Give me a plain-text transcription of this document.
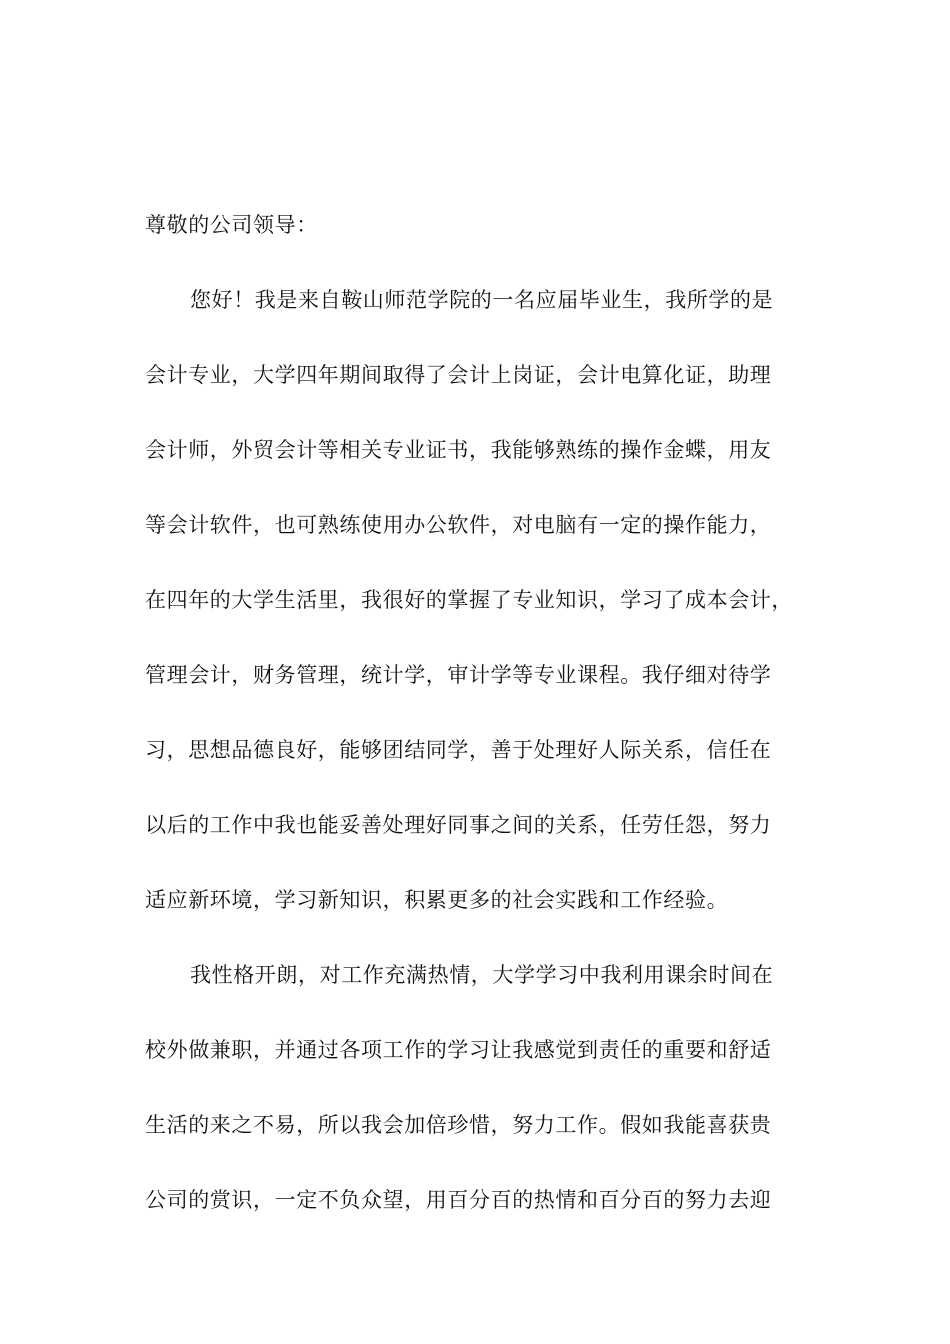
尊敬的公司领导：
您好！我是来自鞍山师范学院的一名应届毕业生，我所学的是
会计专业，大学四年期间取得了会计上岗证，会计电算化证，助理
会计师，外贸会计等相关专业证书，我能够熟练的操作金蝶，用友
等会计软件，也可熟练使用办公软件，对电脑有一定的操作能力，
在四年的大学生活里，我很好的掌握了专业知识，学习了成本会计，
管理会计，财务管理，统计学，审计学等专业课程。我仔细对待学
习，思想品德良好，能够团结同学，善于处理好人际关系，信任在
以后的工作中我也能妥善处理好同事之间的关系，任劳任怨，努力
适应新环境，学习新知识，积累更多的社会实践和工作经验。
我性格开朗，对工作充满热情，大学学习中我利用课余时间在
校外做兼职，并通过各项工作的学习让我感觉到责任的重要和舒适
生活的来之不易，所以我会加倍珍惜，努力工作。假如我能喜获贵
公司的赏识，一定不负众望，用百分百的热情和百分百的努力去迎
